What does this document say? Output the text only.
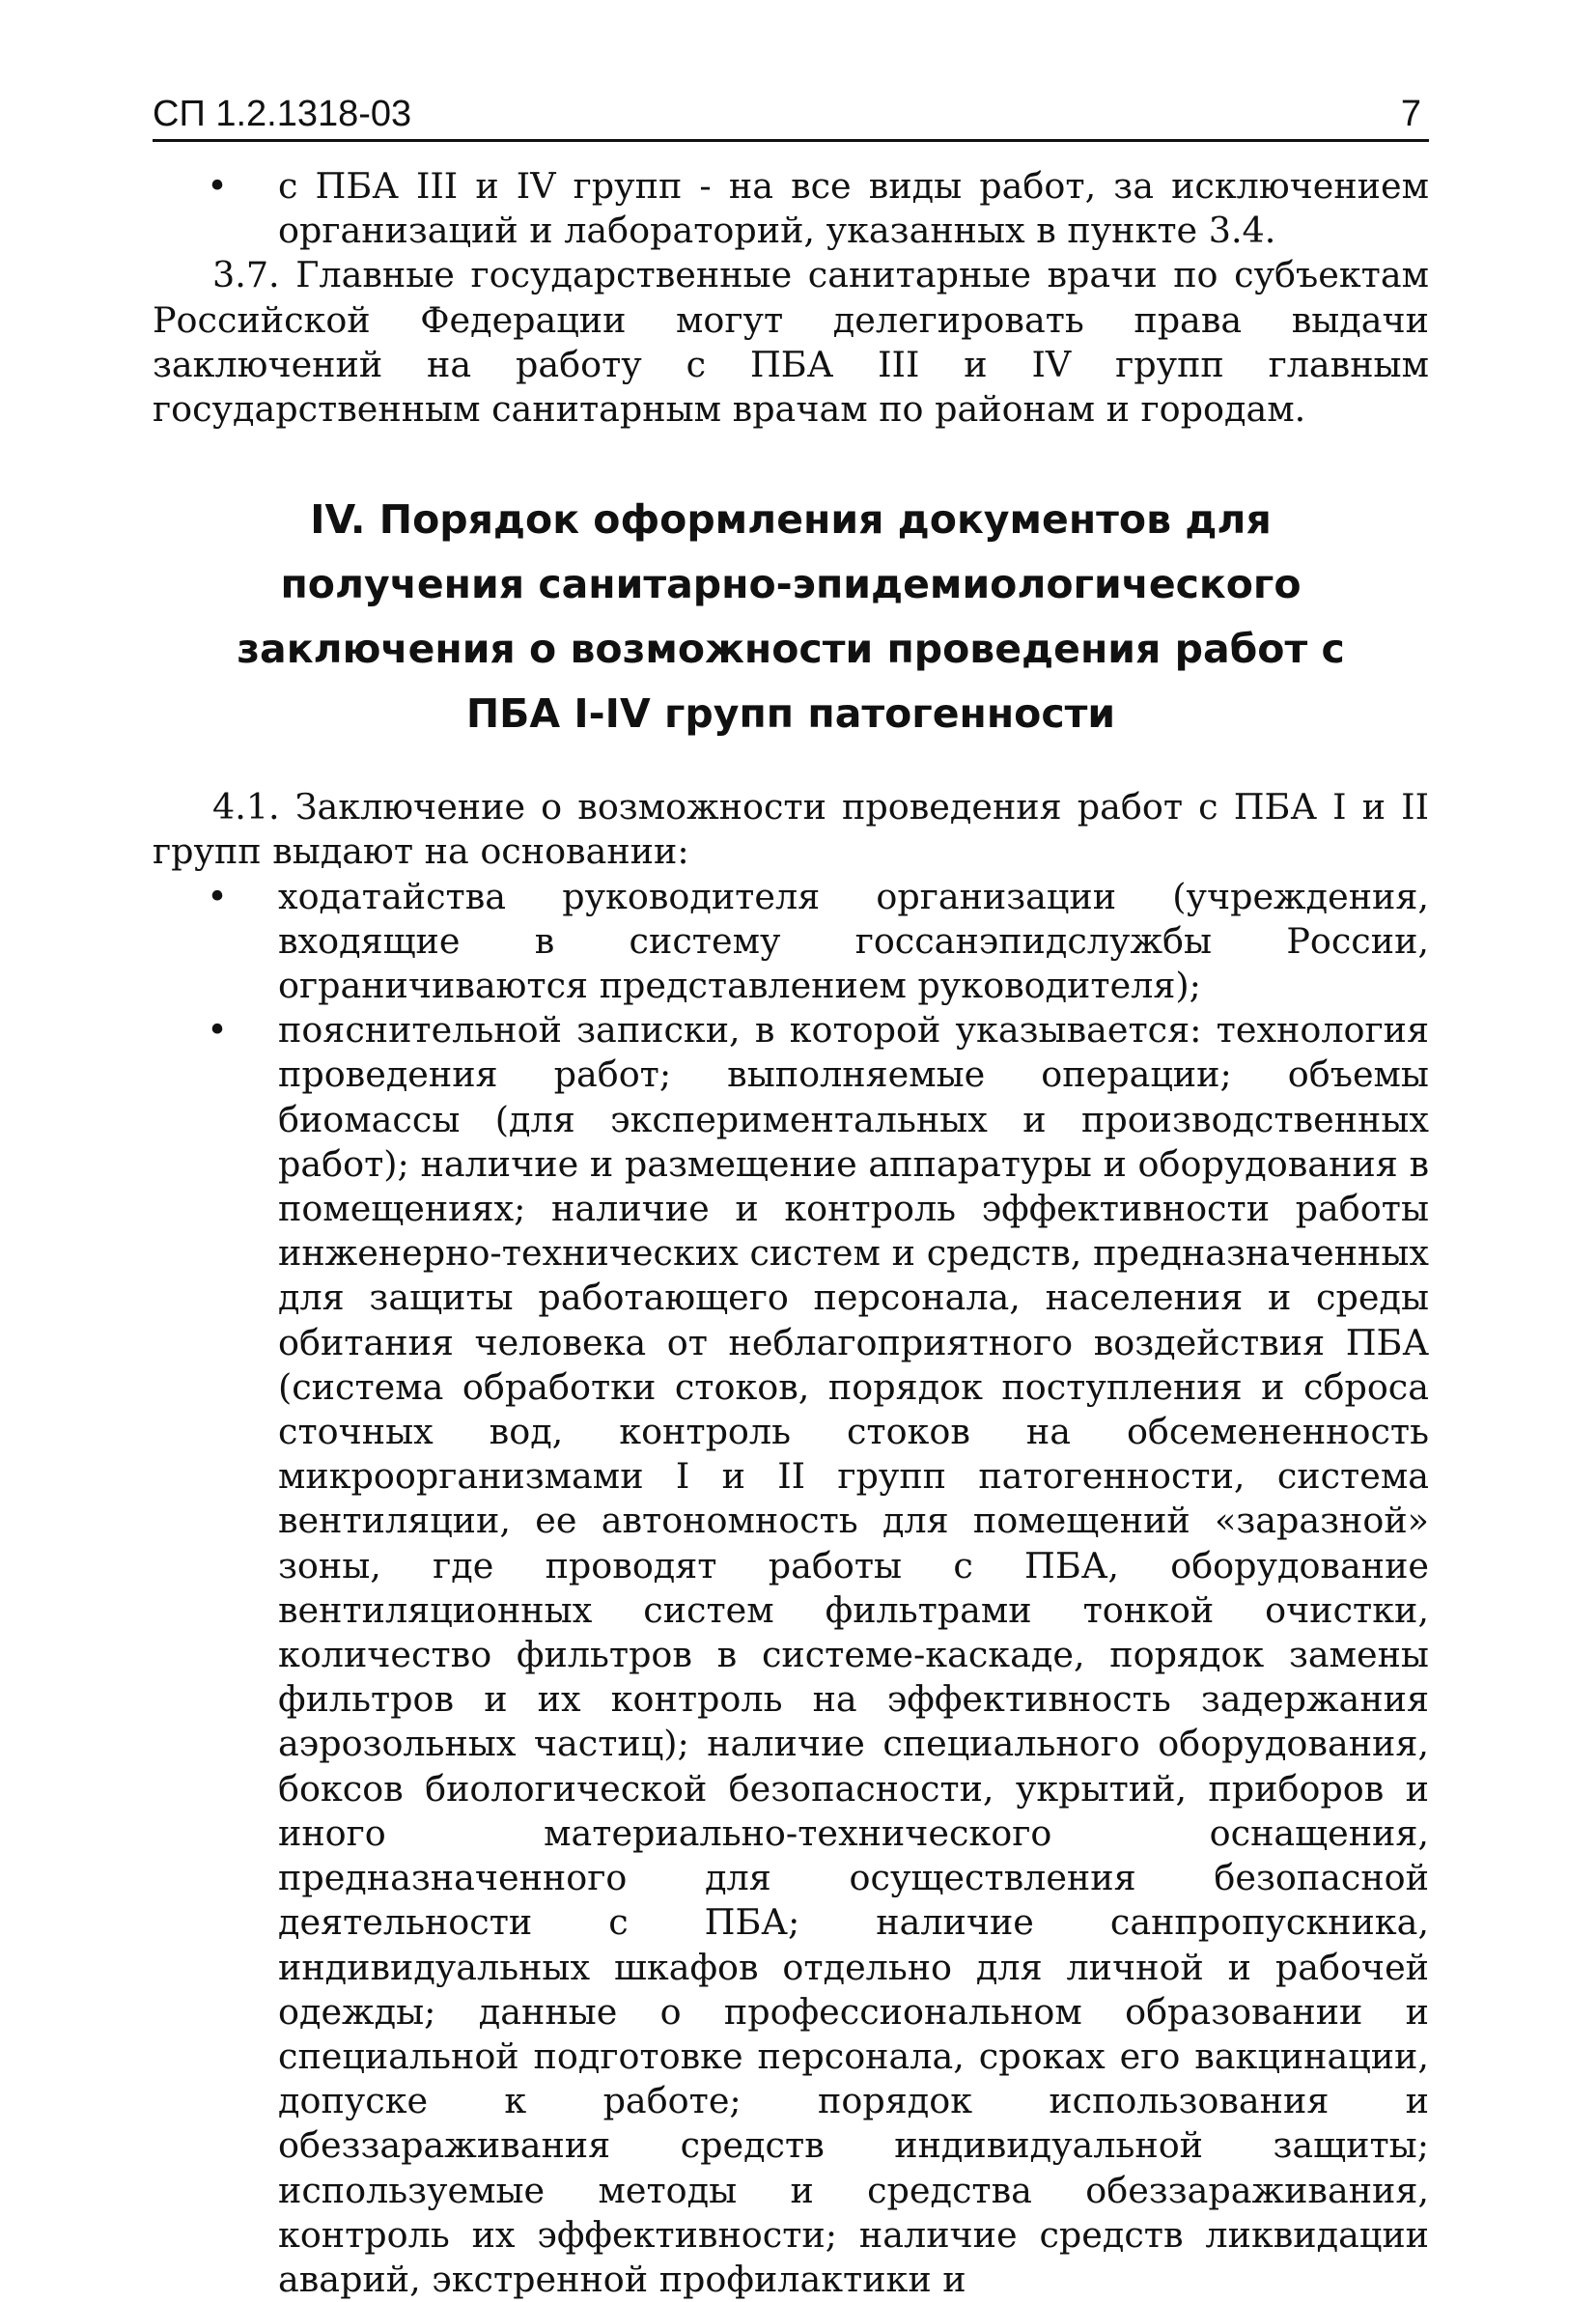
СП 1.2.1318-03	7

• с ПБА III и IV групп - на все виды работ, за исключением организаций и лабораторий, указанных в пункте 3.4.

3.7. Главные государственные санитарные врачи по субъектам Российской Федерации могут делегировать права выдачи заключений на работу с ПБА III и IV групп главным государственным санитарным врачам по районам и городам.

IV. Порядок оформления документов для получения санитарно-эпидемиологического заключения о возможности проведения работ с ПБА I-IV групп патогенности

4.1. Заключение о возможности проведения работ с ПБА I и II групп выдают на основании:

• ходатайства руководителя организации (учреждения, входящие в систему госсанэпидслужбы России, ограничиваются представлением руководителя);

• пояснительной записки, в которой указывается: технология проведения работ; выполняемые операции; объемы биомассы (для экспериментальных и производственных работ); наличие и размещение аппаратуры и оборудования в помещениях; наличие и контроль эффективности работы инженерно-технических систем и средств, предназначенных для защиты работающего персонала, населения и среды обитания человека от неблагоприятного воздействия ПБА (система обработки стоков, порядок поступления и сброса сточных вод, контроль стоков на обсемененность микроорганизмами I и II групп патогенности, система вентиляции, ее автономность для помещений «заразной» зоны, где проводят работы с ПБА, оборудование вентиляционных систем фильтрами тонкой очистки, количество фильтров в системе-каскаде, порядок замены фильтров и их контроль на эффективность задержания аэрозольных частиц); наличие специального оборудования, боксов биологической безопасности, укрытий, приборов и иного материально-технического оснащения, предназначенного для осуществления безопасной деятельности с ПБА; наличие санпропускника, индивидуальных шкафов отдельно для личной и рабочей одежды; данные о профессиональном образовании и специальной подготовке персонала, сроках его вакцинации, допуске к работе; порядок использования и обеззараживания средств индивидуальной защиты; используемые методы и средства обеззараживания, контроль их эффективности; наличие средств ликвидации аварий, экстренной профилактики и
